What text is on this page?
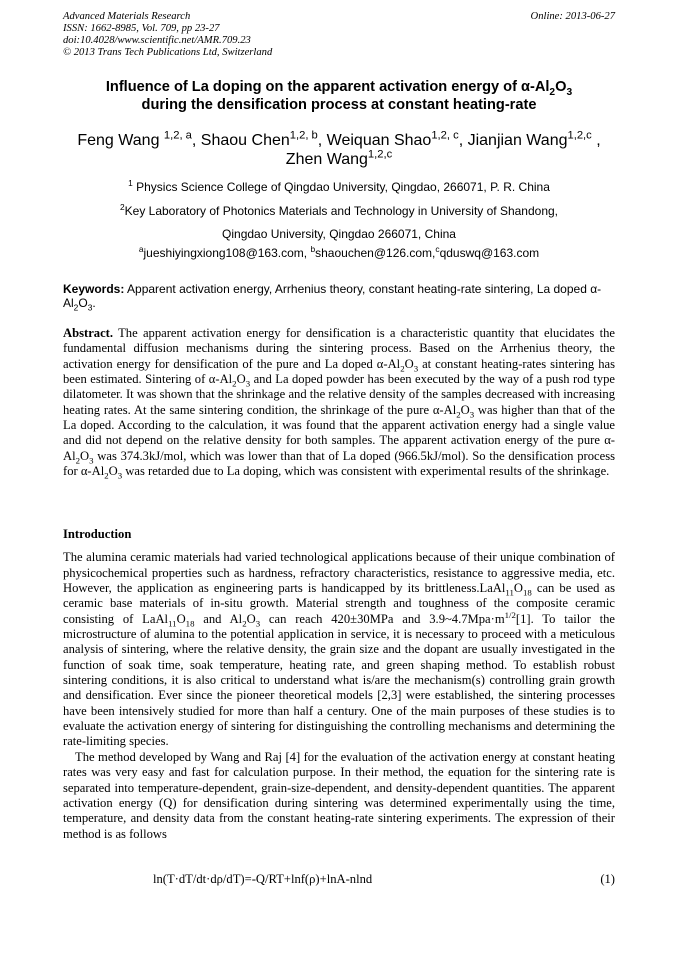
Advanced Materials Research
ISSN: 1662-8985, Vol. 709, pp 23-27
doi:10.4028/www.scientific.net/AMR.709.23
© 2013 Trans Tech Publications Ltd, Switzerland
Online: 2013-06-27
Influence of La doping on the apparent activation energy of $\alpha-Al_2O_3$
during the densification process at constant heating-rate
Feng Wang $^{1,2, a}$, Shaou Chen$^{1,2, b}$, Weiquan Shao$^{1,2, c}$, Jianjian Wang$^{1,2,c}$ ,
Zhen Wang$^{1,2,c}$
$^1$ Physics Science College of Qingdao University, Qingdao, 266071, P. R. China
$^2$Key Laboratory of Photonics Materials and Technology in University of Shandong,
Qingdao University, Qingdao 266071, China
$^a$jueshiyingxiong108@163.com, $^b$shaouchen@126.com,$^c$qduswq@163.com
Keywords: Apparent activation energy, Arrhenius theory, constant heating-rate sintering, La doped $\alpha-Al_2O_3$.

Abstract. The apparent activation energy for densification is a characteristic quantity that elucidates the fundamental diffusion mechanisms during the sintering process. Based on the Arrhenius theory, the activation energy for densification of the pure and La doped $\alpha-Al_2O_3$ at constant heating-rates sintering has been estimated. Sintering of $\alpha-Al_2O_3$ and La doped powder has been executed by the way of a push rod type dilatometer. It was shown that the shrinkage and the relative density of the samples decreased with increasing heating rates. At the same sintering condition, the shrinkage of the pure $\alpha-Al_2O_3$ was higher than that of the La doped. According to the calculation, it was found that the apparent activation energy had a single value and did not depend on the relative density for both samples. The apparent activation energy of the pure $\alpha-Al_2O_3$ was 374.3kJ/mol, which was lower than that of La doped (966.5kJ/mol). So the densification process for $\alpha-Al_2O_3$ was retarded due to La doping, which was consistent with experimental results of the shrinkage.

Introduction

The alumina ceramic materials had varied technological applications because of their unique combination of physicochemical properties such as hardness, refractory characteristics, resistance to aggressive media, etc. However, the application as engineering parts is handicapped by its $brittleness.LaAl_{11}O_{18}$ can be used as ceramic base materials of in-situ growth. Material strength and toughness of the composite ceramic consisting of $LaAl_{11}O_{18}$ and $Al_2O_3$ can reach 420±30MPa and $3.9\sim 4.7Mpa\cdot m^{1/2}[1]$. To tailor the microstructure of alumina to the potential application in service, it is necessary to proceed with a meticulous analysis of sintering, where the relative density, the grain size and the dopant are usually investigated in the function of soak time, soak temperature, heating rate, and green shaping method. To establish robust sintering conditions, it is also critical to understand what is/are the mechanism(s) controlling grain growth and densification. Ever since the pioneer theoretical models [2,3] were established, the sintering processes have been intensively studied for more than half a century. One of the main purposes of these studies is to evaluate the activation energy of sintering for distinguishing the controlling mechanisms and determining the rate-limiting species.

The method developed by Wang and Raj [4] for the evaluation of the activation energy at constant heating rates was very easy and fast for calculation purpose. In their method, the equation for the sintering rate is separated into temperature-dependent, grain-size-dependent, and density-dependent quantities. The apparent activation energy (Q) for densification during sintering was determined experimentally using the time, temperature, and density data from the constant heating-rate sintering experiments. The expression of their method is as follows

ln(T·dT/dt·dρ/dT)=-Q/RT+lnf(ρ)+lnA-nlnd	(1)
